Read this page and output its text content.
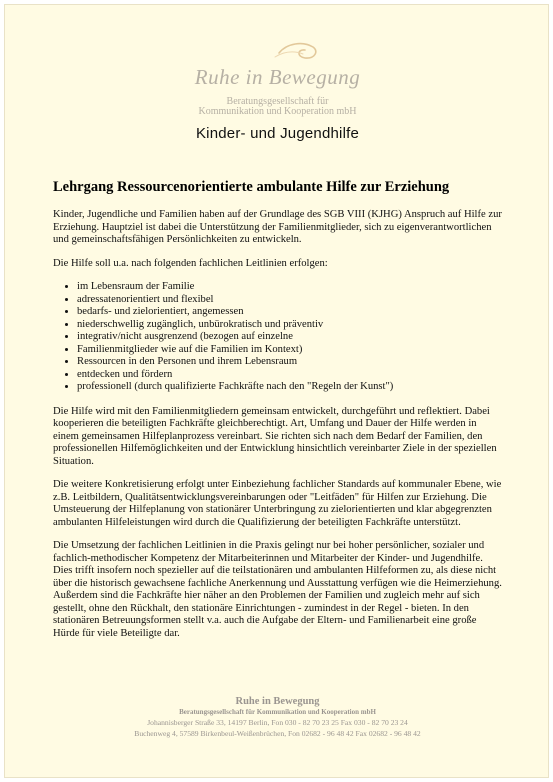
Ruhe in Bewegung
Beratungsgesellschaft für
Kommunikation und Kooperation mbH
Kinder- und Jugendhilfe
Lehrgang Ressourcenorientierte ambulante Hilfe zur Erziehung

Kinder, Jugendliche und Familien haben auf der Grundlage des SGB VIII (KJHG) Anspruch auf Hilfe zur Erziehung. Hauptziel ist dabei die Unterstützung der Familienmitglieder, sich zu eigenverantwortlichen und gemeinschaftsfähigen Persönlichkeiten zu entwickeln.

Die Hilfe soll u.a. nach folgenden fachlichen Leitlinien erfolgen:

• im Lebensraum der Familie
• adressatenorientiert und flexibel
• bedarfs- und zielorientiert, angemessen
• niederschwellig zugänglich, unbürokratisch und präventiv
• integrativ/nicht ausgrenzend (bezogen auf einzelne
• Familienmitglieder wie auf die Familien im Kontext)
• Ressourcen in den Personen und ihrem Lebensraum
• entdecken und fördern
• professionell (durch qualifizierte Fachkräfte nach den "Regeln der Kunst")

Die Hilfe wird mit den Familienmitgliedern gemeinsam entwickelt, durchgeführt und reflektiert. Dabei kooperieren die beteiligten Fachkräfte gleichberechtigt. Art, Umfang und Dauer der Hilfe werden in einem gemeinsamen Hilfeplanprozess vereinbart. Sie richten sich nach dem Bedarf der Familien, den professionellen Hilfemöglichkeiten und der Entwicklung hinsichtlich vereinbarter Ziele in der speziellen Situation.

Die weitere Konkretisierung erfolgt unter Einbeziehung fachlicher Standards auf kommunaler Ebene, wie z.B. Leitbildern, Qualitätsentwicklungsvereinbarungen oder "Leitfäden" für Hilfen zur Erziehung. Die Umsteuerung der Hilfeplanung von stationärer Unterbringung zu zielorientierten und klar abgegrenzten ambulanten Hilfeleistungen wird durch die Qualifizierung der beteiligten Fachkräfte unterstützt.

Die Umsetzung der fachlichen Leitlinien in die Praxis gelingt nur bei hoher persönlicher, sozialer und fachlich-methodischer Kompetenz der Mitarbeiterinnen und Mitarbeiter der Kinder- und Jugendhilfe. Dies trifft insofern noch spezieller auf die teilstationären und ambulanten Hilfeformen zu, als diese nicht über die historisch gewachsene fachliche Anerkennung und Ausstattung verfügen wie die Heimerziehung. Außerdem sind die Fachkräfte hier näher an den Problemen der Familien und zugleich mehr auf sich gestellt, ohne den Rückhalt, den stationäre Einrichtungen - zumindest in der Regel - bieten. In den stationären Betreuungsformen stellt v.a. auch die Aufgabe der Eltern- und Familienarbeit eine große Hürde für viele Beteiligte dar.

Ruhe in Bewegung
Beratungsgesellschaft für Kommunikation und Kooperation mbH
Johannisberger Straße 33, 14197 Berlin, Fon 030 - 82 70 23 25 Fax 030 - 82 70 23 24
Buchenweg 4, 57589 Birkenbeul-Weißenbrüchen, Fon 02682 - 96 48 42 Fax 02682 - 96 48 42
